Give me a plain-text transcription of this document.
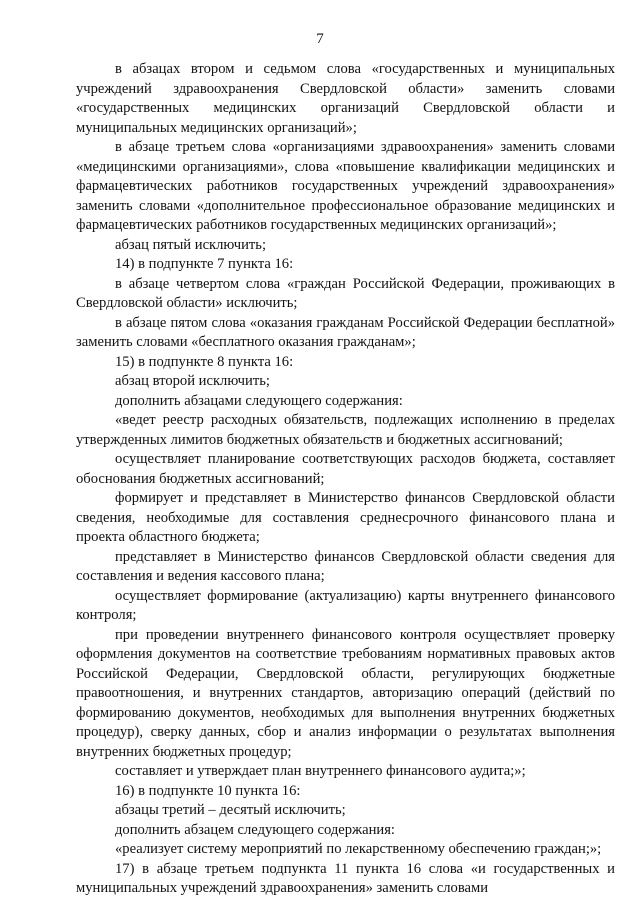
7

в абзацах втором и седьмом слова «государственных и муниципальных учреждений здравоохранения Свердловской области» заменить словами «государственных медицинских организаций Свердловской области и муниципальных медицинских организаций»;

в абзаце третьем слова «организациями здравоохранения» заменить словами «медицинскими организациями», слова «повышение квалификации медицинских и фармацевтических работников государственных учреждений здравоохранения» заменить словами «дополнительное профессиональное образование медицинских и фармацевтических работников государственных медицинских организаций»;

абзац пятый исключить;

14) в подпункте 7 пункта 16:

в абзаце четвертом слова «граждан Российской Федерации, проживающих в Свердловской области» исключить;

в абзаце пятом слова «оказания гражданам Российской Федерации бесплатной» заменить словами «бесплатного оказания гражданам»;

15) в подпункте 8 пункта 16:

абзац второй исключить;

дополнить абзацами следующего содержания:

«ведет реестр расходных обязательств, подлежащих исполнению в пределах утвержденных лимитов бюджетных обязательств и бюджетных ассигнований;

осуществляет планирование соответствующих расходов бюджета, составляет обоснования бюджетных ассигнований;

формирует и представляет в Министерство финансов Свердловской области сведения, необходимые для составления среднесрочного финансового плана и проекта областного бюджета;

представляет в Министерство финансов Свердловской области сведения для составления и ведения кассового плана;

осуществляет формирование (актуализацию) карты внутреннего финансового контроля;

при проведении внутреннего финансового контроля осуществляет проверку оформления документов на соответствие требованиям нормативных правовых актов Российской Федерации, Свердловской области, регулирующих бюджетные правоотношения, и внутренних стандартов, авторизацию операций (действий по формированию документов, необходимых для выполнения внутренних бюджетных процедур), сверку данных, сбор и анализ информации о результатах выполнения внутренних бюджетных процедур;

составляет и утверждает план внутреннего финансового аудита;»;

16) в подпункте 10 пункта 16:

абзацы третий – десятый исключить;

дополнить абзацем следующего содержания:

«реализует систему мероприятий по лекарственному обеспечению граждан;»;

17) в абзаце третьем подпункта 11 пункта 16 слова «и государственных и муниципальных учреждений здравоохранения» заменить словами
